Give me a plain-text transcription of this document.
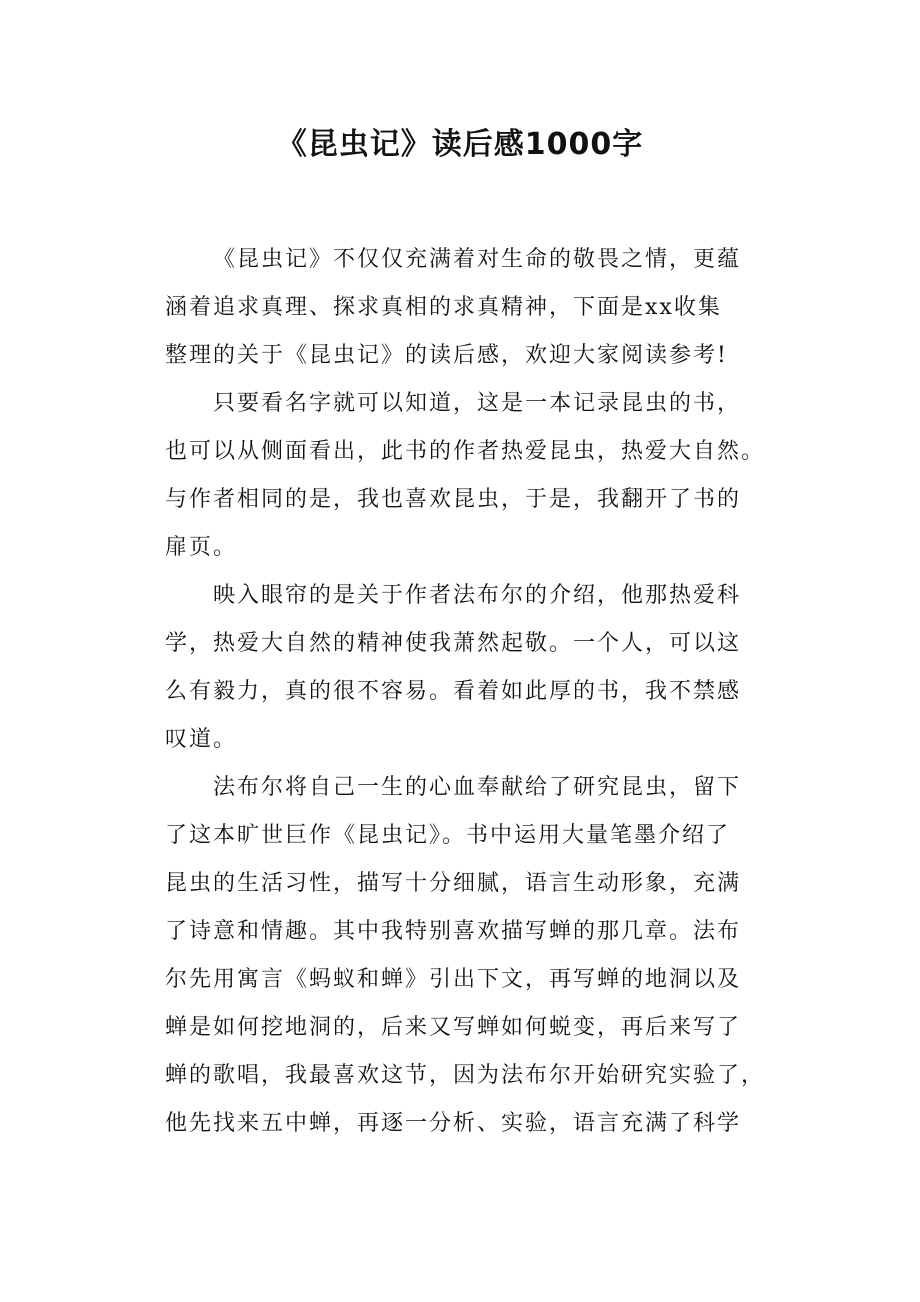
《昆虫记》读后感1000字
《昆虫记》不仅仅充满着对生命的敬畏之情，更蕴
涵着追求真理、探求真相的求真精神，下面是xx收集
整理的关于《昆虫记》的读后感，欢迎大家阅读参考!
只要看名字就可以知道，这是一本记录昆虫的书，
也可以从侧面看出，此书的作者热爱昆虫，热爱大自然。
与作者相同的是，我也喜欢昆虫，于是，我翻开了书的
扉页。
映入眼帘的是关于作者法布尔的介绍，他那热爱科
学，热爱大自然的精神使我萧然起敬。一个人，可以这
么有毅力，真的很不容易。看着如此厚的书，我不禁感
叹道。
法布尔将自己一生的心血奉献给了研究昆虫，留下
了这本旷世巨作《昆虫记》。书中运用大量笔墨介绍了
昆虫的生活习性，描写十分细腻，语言生动形象，充满
了诗意和情趣。其中我特别喜欢描写蝉的那几章。法布
尔先用寓言《蚂蚁和蝉》引出下文，再写蝉的地洞以及
蝉是如何挖地洞的，后来又写蝉如何蜕变，再后来写了
蝉的歌唱，我最喜欢这节，因为法布尔开始研究实验了，
他先找来五中蝉，再逐一分析、实验，语言充满了科学
